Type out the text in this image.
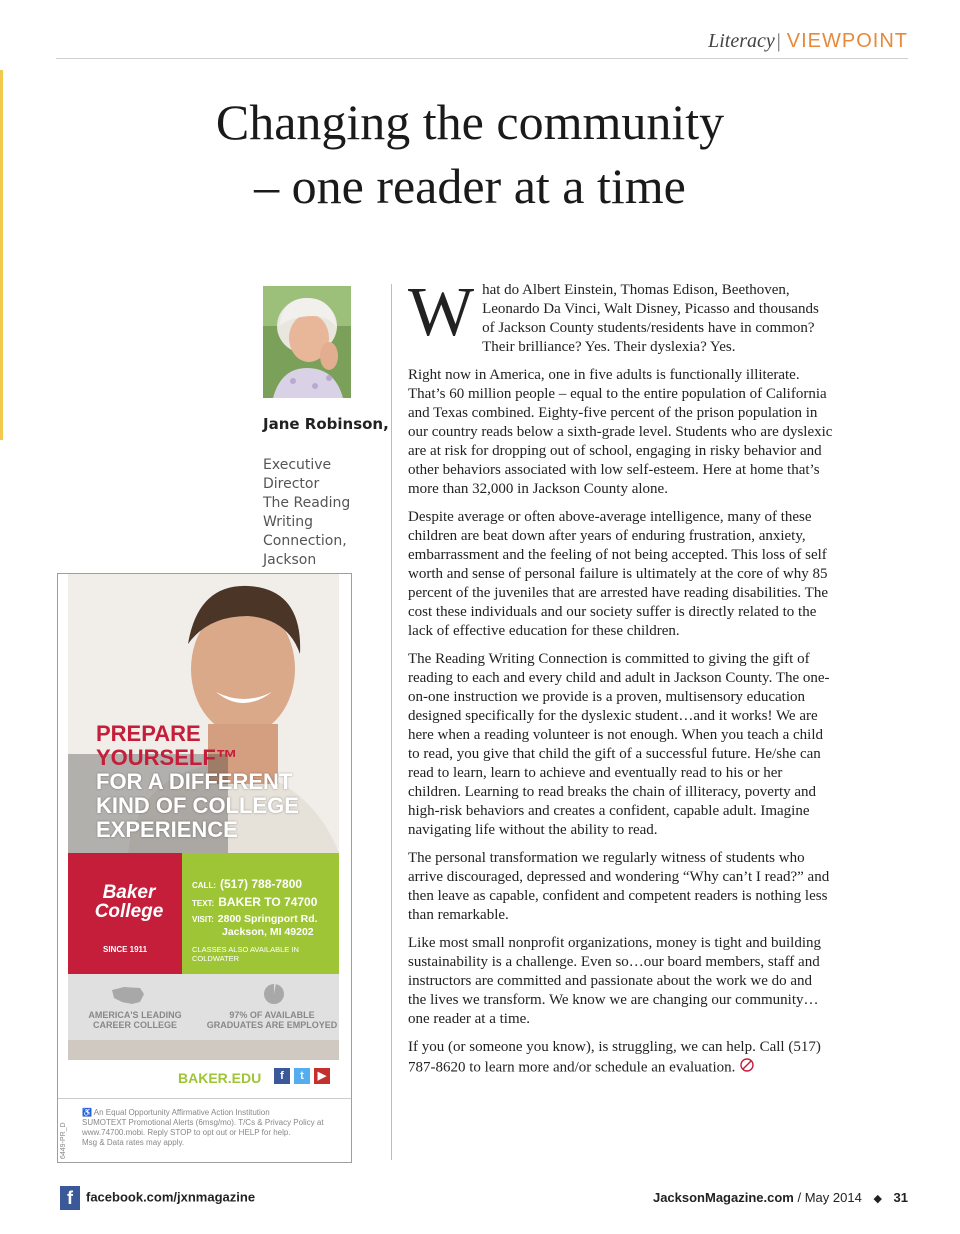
Literacy | VIEWPOINT
Changing the community
– one reader at a time
Jane Robinson,
Executive Director
The Reading
Writing
Connection,
Jackson

What do Albert Einstein, Thomas Edison, Beethoven, Leonardo Da Vinci, Walt Disney, Picasso and thousands of Jackson County students/residents have in common? Their brilliance? Yes. Their dyslexia? Yes.

Right now in America, one in five adults is functionally illiterate. That’s 60 million people – equal to the entire population of California and Texas combined. Eighty-five percent of the prison population in our country reads below a sixth-grade level. Students who are dyslexic are at risk for dropping out of school, engaging in risky behavior and other behaviors associated with low self-esteem. Here at home that’s more than 32,000 in Jackson County alone.

Despite average or often above-average intelligence, many of these children are beat down after years of enduring frustration, anxiety, embarrassment and the feeling of not being accepted. This loss of self worth and sense of personal failure is ultimately at the core of why 85 percent of the juveniles that are arrested have reading disabilities. The cost these individuals and our society suffer is directly related to the lack of effective education for these children.

The Reading Writing Connection is committed to giving the gift of reading to each and every child and adult in Jackson County. The one-on-one instruction we provide is a proven, multisensory education designed specifically for the dyslexic student…and it works! We are here when a reading volunteer is not enough. When you teach a child to read, you give that child the gift of a successful future. He/she can read to learn, learn to achieve and eventually read to his or her children. Learning to read breaks the chain of illiteracy, poverty and high-risk behaviors and creates a confident, capable adult. Imagine navigating life without the ability to read.

The personal transformation we regularly witness of students who arrive discouraged, depressed and wondering “Why can’t I read?” and then leave as capable, confident and competent readers is nothing less than remarkable.

Like most small nonprofit organizations, money is tight and building sustainability is a challenge. Even so…our board members, staff and instructors are committed and passionate about the work we do and the lives we transform. We know we are changing our community… one reader at a time.

If you (or someone you know), is struggling, we can help. Call (517) 787-8620 to learn more and/or schedule an evaluation.

PREPARE
YOURSELF™
FOR A DIFFERENT
KIND OF COLLEGE
EXPERIENCE
Baker
College
SINCE 1911
CALL: (517) 788-7800
TEXT: BAKER TO 74700
VISIT: 2800 Springport Rd.
Jackson, MI 49202
CLASSES ALSO AVAILABLE IN COLDWATER
AMERICA'S LEADING
CAREER COLLEGE
97% OF AVAILABLE
GRADUATES ARE EMPLOYED
BAKER.EDU	f	t	▶
6449-PR_D
♿ An Equal Opportunity Affirmative Action Institution
SUMOTEXT Promotional Alerts (6msg/mo). T/Cs & Privacy Policy at
www.74700.mobi. Reply STOP to opt out or HELP for help.
Msg & Data rates may apply.
f facebook.com/jxnmagazine	JacksonMagazine.com / May 2014 ◆ 31
